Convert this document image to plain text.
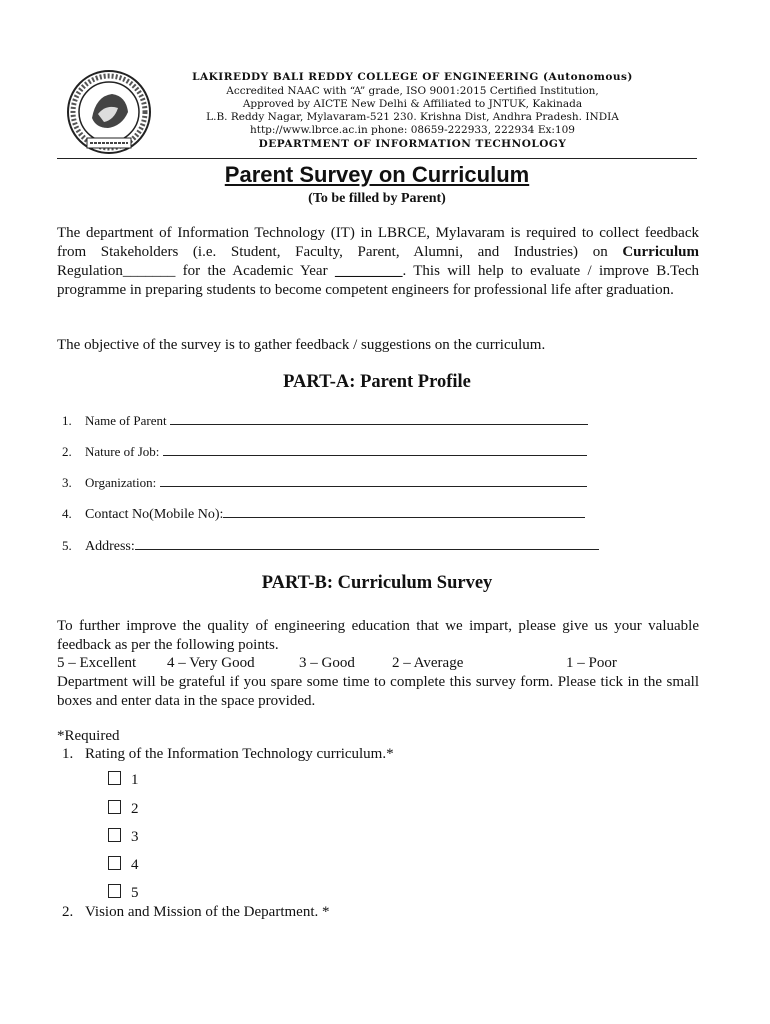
LAKIREDDY BALI REDDY COLLEGE OF ENGINEERING (Autonomous)
Accredited NAAC with “A” grade, ISO 9001:2015 Certified Institution,
Approved by AICTE New Delhi & Affiliated to JNTUK, Kakinada
L.B. Reddy Nagar, Mylavaram-521 230. Krishna Dist, Andhra Pradesh. INDIA
http://www.lbrce.ac.in phone: 08659-222933, 222934 Ex:109
DEPARTMENT OF INFORMATION TECHNOLOGY
Parent Survey on Curriculum
(To be filled by Parent)
The department of Information Technology (IT) in LBRCE, Mylavaram is required to collect feedback from Stakeholders (i.e. Student, Faculty, Parent, Alumni, and Industries) on Curriculum Regulation_______ for the Academic Year _________. This will help to evaluate / improve B.Tech programme in preparing students to become competent engineers for professional life after graduation.
The objective of the survey is to gather feedback / suggestions on the curriculum.
PART-A: Parent Profile
1. Name of Parent
2. Nature of Job:
3. Organization:
4. Contact No(Mobile No):
5. Address:
PART-B: Curriculum Survey
To further improve the quality of engineering education that we impart, please give us your valuable feedback as per the following points.
5 – Excellent 4 – Very Good	3 – Good 2 – Average	1 – Poor
Department will be grateful if you spare some time to complete this survey form. Please tick in the small boxes and enter data in the space provided.
*Required
1. Rating of the Information Technology curriculum.*
1
2
3
4
5
2. Vision and Mission of the Department. *
